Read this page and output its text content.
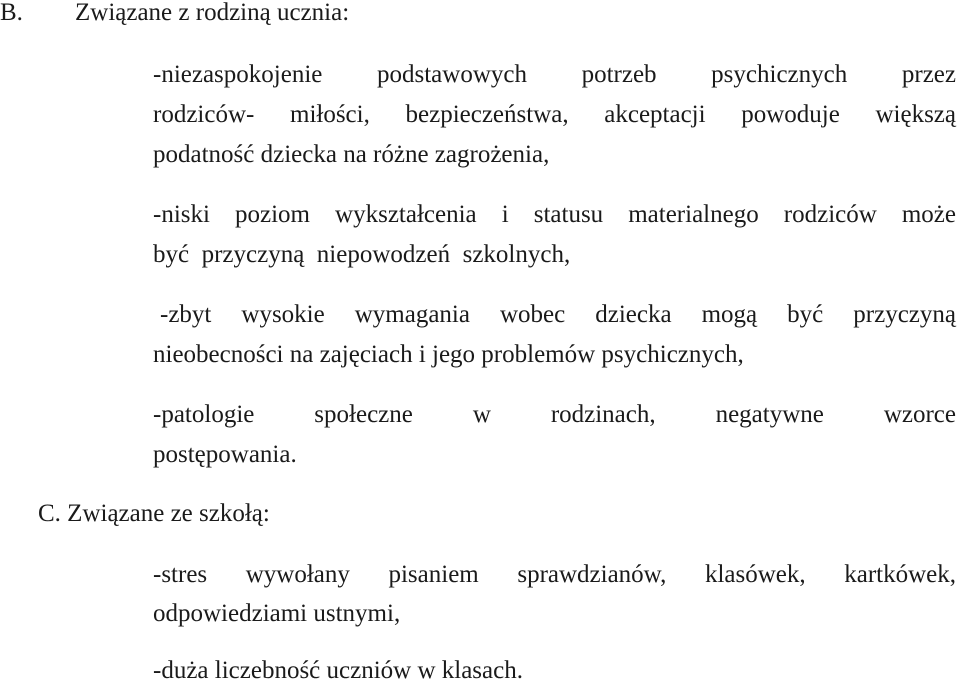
B. Związane z rodziną ucznia:
-niezaspokojenie podstawowych potrzeb psychicznych przez
rodziców- miłości, bezpieczeństwa, akceptacji powoduje większą
podatność dziecka na różne zagrożenia,
-niski poziom wykształcenia i statusu materialnego rodziców może
być  przyczyną  niepowodzeń  szkolnych,
-zbyt wysokie wymagania wobec dziecka mogą być przyczyną
nieobecności na zajęciach i jego problemów psychicznych,
-patologie społeczne w rodzinach, negatywne wzorce
postępowania.
C. Związane ze szkołą:
-stres wywołany pisaniem sprawdzianów, klasówek, kartkówek,
odpowiedziami ustnymi,
-duża liczebność uczniów w klasach.
